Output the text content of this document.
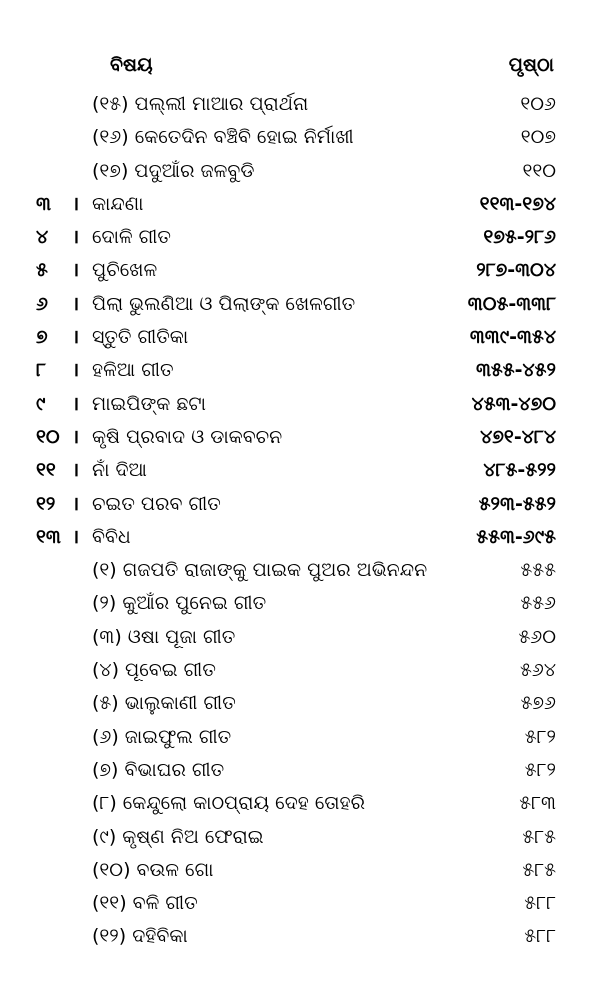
ବିଷୟ	ପୃଷ୍ଠା
(୧୫) ପଲ୍ଲୀ ମାଆର ପ୍ରାର୍ଥନା	୧୦୬
(୧୬) କେତେଦିନ ବଞ୍ଚିବି ହୋଇ ନିର୍ମାଖୀ	୧୦୭
(୧୭) ପଦୁଆଁର ଜଳବୁଡି	୧୧୦
୩ । କାନ୍ଦଣା	୧୧୩-୧୭୪
୪ । ଦୋଳି ଗୀତ	୧୭୫-୨୮୬
୫ । ପୁଚିଖେଳ	୨୮୭-୩୦୪
୬ । ପିଲା ଭୁଲଣିଆ ଓ ପିଲାଙ୍କ ଖେଳଗୀତ	୩୦୫-୩୩୮
୭ । ସ୍ତୁତି ଗୀତିକା	୩୩୯-୩୫୪
୮ । ହଳିଆ ଗୀତ	୩୫୫-୪୫୨
୯ । ମାଇପିଙ୍କ ଛଟା	୪୫୩-୪୭୦
୧୦ । କୃଷି ପ୍ରବାଦ ଓ ଡାକବଚନ	୪୭୧-୪୮୪
୧୧ । ନାଁ ଦିଆ	୪୮୫-୫୨୨
୧୨ । ଚଇତ ପରବ ଗୀତ	୫୨୩-୫୫୨
୧୩ । ବିବିଧ	୫୫୩-୬୯୫
(୧) ଗଜପତି ରାଜାଙ୍କୁ ପାଇକ ପୁଅର ଅଭିନନ୍ଦନ	୫୫୫
(୨) କୁଆଁର ପୁନେଇ ଗୀତ	୫୫୬
(୩) ଓଷା ପୂଜା ଗୀତ	୫୬୦
(୪) ପୂବେଇ ଗୀତ	୫୬୪
(୫) ଭାଲୁକାଣୀ ଗୀତ	୫୭୬
(୬) ଜାଇଫୁଲ ଗୀତ	୫୮୨
(୭) ବିଭାଘର ଗୀତ	୫୮୨
(୮) କେନ୍ଦୁଲୋ କାଠପ୍ରାୟ ଦେହ ତୋହରି	୫୮୩
(୯) କୃଷ୍ଣ ନିଅ ଫେରାଇ	୫୮୫
(୧୦) ବଉଳ ଗୋ	୫୮୫
(୧୧) ବଳି ଗୀତ	୫୮୮
(୧୨) ଦହିବିକା	୫୮୮
